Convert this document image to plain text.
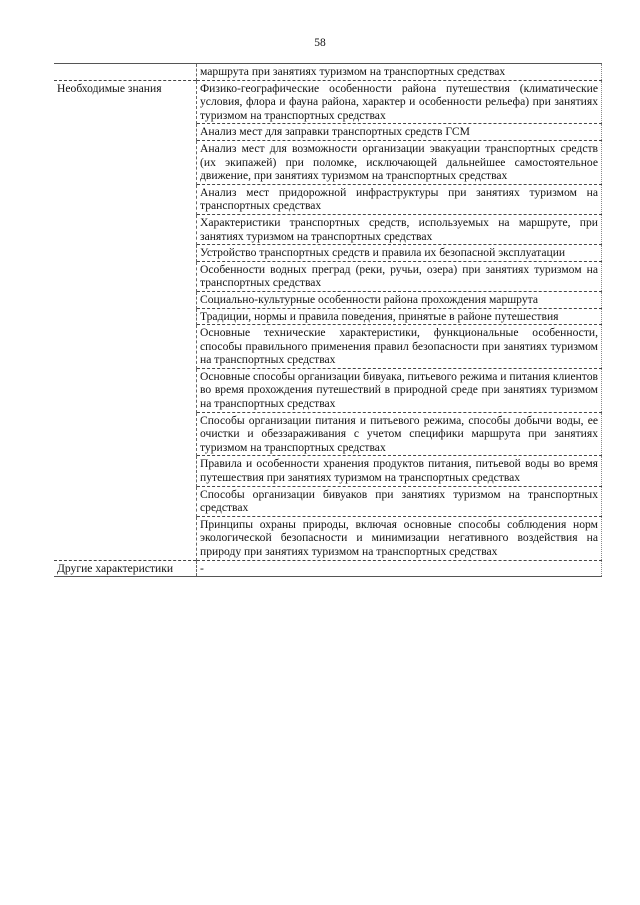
58
	маршрута при занятиях туризмом на транспортных средствах
Необходимые знания	Физико-географические особенности района путешествия (климатические условия, флора и фауна района, характер и особенности рельефа) при занятиях туризмом на транспортных средствах
	Анализ мест для заправки транспортных средств ГСМ
	Анализ мест для возможности организации эвакуации транспортных средств (их экипажей) при поломке, исключающей дальнейшее самостоятельное движение, при занятиях туризмом на транспортных средствах
	Анализ мест придорожной инфраструктуры при занятиях туризмом на транспортных средствах
	Характеристики транспортных средств, используемых на маршруте, при занятиях туризмом на транспортных средствах
	Устройство транспортных средств и правила их безопасной эксплуатации
	Особенности водных преград (реки, ручьи, озера) при занятиях туризмом на транспортных средствах
	Социально-культурные особенности района прохождения маршрута
	Традиции, нормы и правила поведения, принятые в районе путешествия
	Основные технические характеристики, функциональные особенности, способы правильного применения правил безопасности при занятиях туризмом на транспортных средствах
	Основные способы организации бивуака, питьевого режима и питания клиентов во время прохождения путешествий в природной среде при занятиях туризмом на транспортных средствах
	Способы организации питания и питьевого режима, способы добычи воды, ее очистки и обеззараживания с учетом специфики маршрута при занятиях туризмом на транспортных средствах
	Правила и особенности хранения продуктов питания, питьевой воды во время путешествия при занятиях туризмом на транспортных средствах
	Способы организации бивуаков при занятиях туризмом на транспортных средствах
	Принципы охраны природы, включая основные способы соблюдения норм экологической безопасности и минимизации негативного воздействия на природу при занятиях туризмом на транспортных средствах
Другие характеристики	-
